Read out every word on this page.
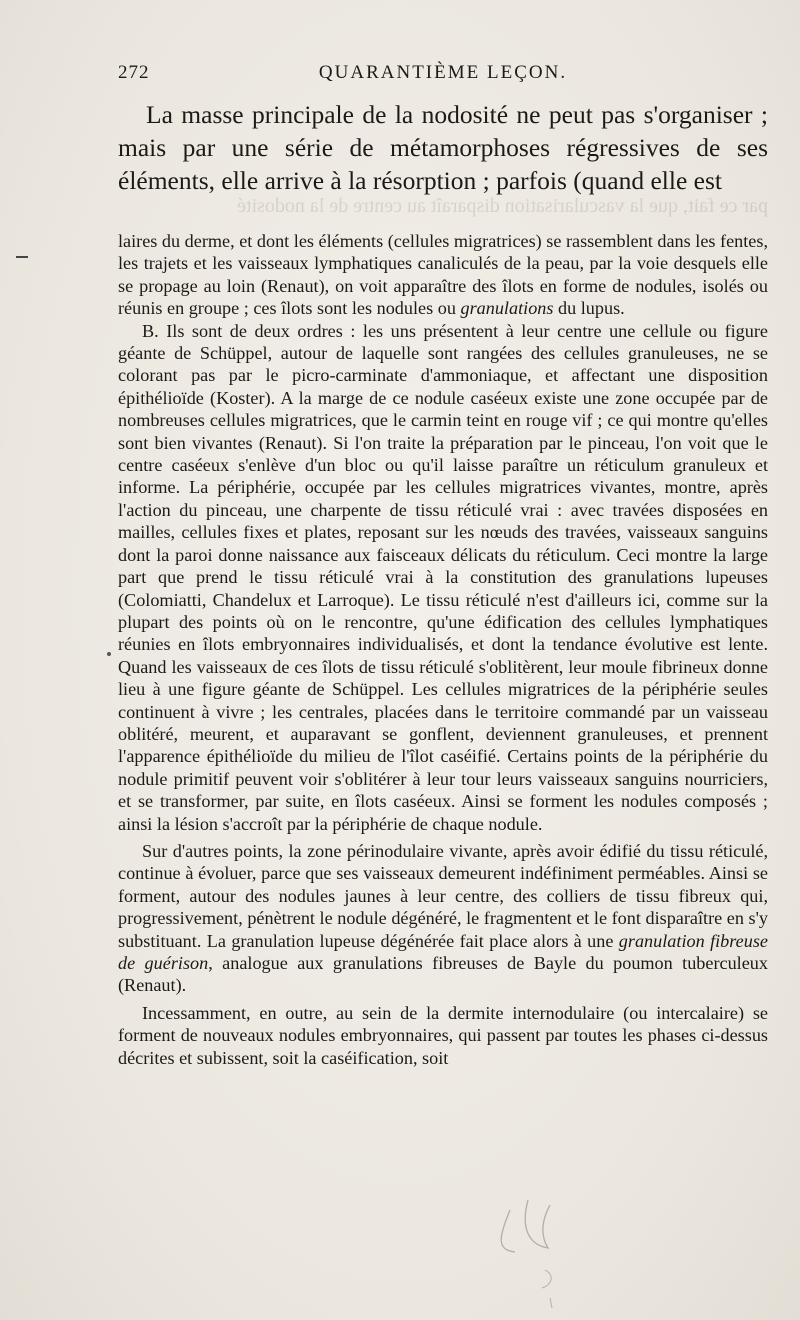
par ce fait, que la vascularisation disparaît au centre de la nodosité
272	QUARANTIÈME LEÇON.

La masse principale de la nodosité ne peut pas s'organiser ; mais par une série de métamorphoses régressives de ses éléments, elle arrive à la résorption ; parfois (quand elle est

laires du derme, et dont les éléments (cellules migratrices) se rassemblent dans les fentes, les trajets et les vaisseaux lymphatiques canaliculés de la peau, par la voie desquels elle se propage au loin (Renaut), on voit apparaître des îlots en forme de nodules, isolés ou réunis en groupe ; ces îlots sont les nodules ou granulations du lupus.

B. Ils sont de deux ordres : les uns présentent à leur centre une cellule ou figure géante de Schüppel, autour de laquelle sont rangées des cellules granuleuses, ne se colorant pas par le picro-carminate d'ammoniaque, et affectant une disposition épithélioïde (Koster). A la marge de ce nodule caséeux existe une zone occupée par de nombreuses cellules migratrices, que le carmin teint en rouge vif ; ce qui montre qu'elles sont bien vivantes (Renaut). Si l'on traite la préparation par le pinceau, l'on voit que le centre caséeux s'enlève d'un bloc ou qu'il laisse paraître un réticulum granuleux et informe. La périphérie, occupée par les cellules migratrices vivantes, montre, après l'action du pinceau, une charpente de tissu réticulé vrai : avec travées disposées en mailles, cellules fixes et plates, reposant sur les nœuds des travées, vaisseaux sanguins dont la paroi donne naissance aux faisceaux délicats du réticulum. Ceci montre la large part que prend le tissu réticulé vrai à la constitution des granulations lupeuses (Colomiatti, Chandelux et Larroque). Le tissu réticulé n'est d'ailleurs ici, comme sur la plupart des points où on le rencontre, qu'une édification des cellules lymphatiques réunies en îlots embryonnaires individualisés, et dont la tendance évolutive est lente. Quand les vaisseaux de ces îlots de tissu réticulé s'oblitèrent, leur moule fibrineux donne lieu à une figure géante de Schüppel. Les cellules migratrices de la périphérie seules continuent à vivre ; les centrales, placées dans le territoire commandé par un vaisseau oblitéré, meurent, et auparavant se gonflent, deviennent granuleuses, et prennent l'apparence épithélioïde du milieu de l'îlot caséifié. Certains points de la périphérie du nodule primitif peuvent voir s'oblitérer à leur tour leurs vaisseaux sanguins nourriciers, et se transformer, par suite, en îlots caséeux. Ainsi se forment les nodules composés ; ainsi la lésion s'accroît par la périphérie de chaque nodule.

Sur d'autres points, la zone périnodulaire vivante, après avoir édifié du tissu réticulé, continue à évoluer, parce que ses vaisseaux demeurent indéfiniment perméables. Ainsi se forment, autour des nodules jaunes à leur centre, des colliers de tissu fibreux qui, progressivement, pénètrent le nodule dégénéré, le fragmentent et le font disparaître en s'y substituant. La granulation lupeuse dégénérée fait place alors à une granulation fibreuse de guérison, analogue aux granulations fibreuses de Bayle du poumon tuberculeux (Renaut).

Incessamment, en outre, au sein de la dermite internodulaire (ou intercalaire) se forment de nouveaux nodules embryonnaires, qui passent par toutes les phases ci-dessus décrites et subissent, soit la caséification, soit
